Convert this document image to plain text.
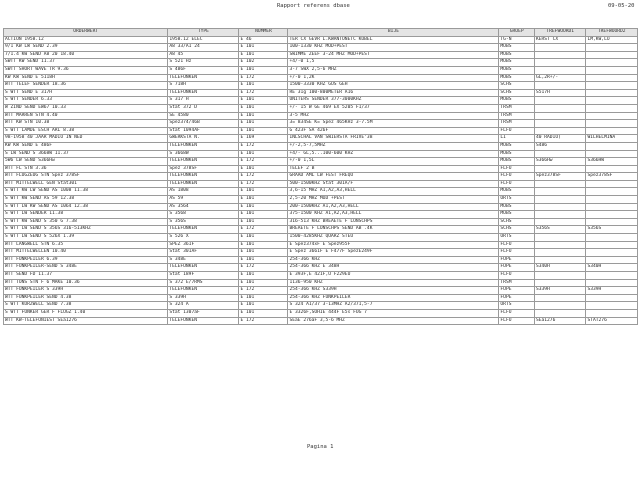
Rapport referens dbase	09-05-20
ORDERWERT	TYPE	NUMMER	BIJE	GROEP	TREFWOORD1	TREFWOORD2
ACTION 1958.12	1958.12 ELEC	E 46	TER CX GEVR L.KWANTONETC KUBEL	TG-N	KERST CX	LM,KW,LO
9/1 KW LW SEND 2.39	A8 33/A1 24	E 101	100-1330 KHZ MOD+PEST	MOBS		
7/1.4 KW SEND A8 20 18.40	A8 45	E 101	SWIMME ZEEF 3-24 MHZ MOD+PEST	MOBS		
SWTT KW SEND 11.37	S 521 Hz	E 102	+4/-0 1,5	MOBS		
SWTT SHORT WAVE TR 9.36	S 486F	E 101	3-7 SWX 2,5-6 MHZ	MOBS		
KW KW SEND E 5118H	TELEFUNKEN	E 172	+/-0 1,2K	MOBS	GL,2R+/-	
WTT TELEF SENDER 18.36	S 718H	E 101	1500-3330 KHZ GUS GEH	SCHS		
S WTT SEND E 317H	TELEFUNKEN	E 172	RE 31g 100-800METER A16	SCHS	S517H	
S WTT SENDER 6.33	S 317 H	E 101	UNITERS SENDER 377-3000KHZ	MOBS		
W ZIND SEND EW67 10.33	Stat 372 D	E 101	+/- 15 W GE 469 EX 5205 F1/37	TRSM		
WTT MARREN STN 4.40	SE 4580	E 101	3-5 MHZ	TRSM		
WTT KW STN 10.38	Spez374/46B	E 101	3= 834SE K= Spez 465KHz 3-7.5M	TRSM		
S WTT LAMDE ESCH ARL 8.38	Stat 1094AF	E 101	G 423F SA 426F	FLFU		
98-1958 40 JAAR MADIO IN NED	GWERKSTA N.	E 169	INLSCHAL VAN SWIERSTA FRIVE'38	LI	40 RADIO)	WILHELMINA
KW KW SEND E 486F	TELEFUNKEN	E 172	+/-2,5-7,5MHZ	MOBS	S486	
S LW SEND S 3668W 11.37	S 3668W	E 101	+4/- GL,5...100-600 KHZ	MOBS		
5W6 LW SEND S366Hw	TELEFUNKEN	E 172	+/-0 1,5L	MOBS	S366Hw	S366HW
WTT FL STN 3.36	Spez 378SF	E 101	TELEF 2 B	FLFU		
WTT FLUGZEUG STN Spez 378SF	TELEFUNKEN	E 172	GRAAD AML LW FEST FREQU	FLFU	Spez378SF	Spez378SF
WTT MITTELWELL GEN Stat301	TELEFUNKEN	E 172	500-1500KHZ Stat 301A/F	FLFU		
S WTT KW LW SEND AS 1008 11.38	AS 1808	E 101	3,6-15 MHZ A1,A2,A3,HELL	MOBS		
S WTT KW SEND AS 59 12.38	AS 59	E 101	2,5-20 MHZ MOD +PEST	ORTS		
S WTT LW KW SEND AS 1064 12.38	AS 3564	E 101	200-1500KHZ A1,A2,A3,HELL	MOBS		
S WTT LW SENDER 11.38	S 3568	E 101	375-1500 KHZ A1,A2,A3,HELL	MOBS		
S WTT KW SEND S 350 G 7.38	S 356S	E 101	316-513 KHZ BREAETE F LONSCHPS	SCHS		
S WTT LW SEND S 356S 316-513KHZ	TELEFUNKEN	E 172	BREAETE F LONSCHPS SEND AB .4K	SCHS	S356S	S356S
S WTT LW SEND S 526X 1.39	S 526 X	E 101	1500-4285KHZ QUARZ STEU	ORTS		
WTT LANGWELL STN 6.35	SPEZ 361F	E 101	E Spez374xF E Spez955F	FLFU		
WTT MITTELWELLEN 10.40	Stat 301AF	E 101	E Spez 3661F E F477F SpezE249F	FLFU		
WTT FUNKPEILER 6.39	S 348E	E 101	254-366 KHZ	FUPE		
WTT FUNKPEILER-SEND S 348E	TELEFUNKEN	E 172	254-366 KHZ E 348H	FUPE	S340H	S340H
WTT SEND FD 11.37	Stat 189F	E 101	E 393F,E 421F,U F229EU	FLFU		
WTT TONS STN F 6 MAKE 10.36	S 372 E/7RMS	E 101	1136-950 KHZ	TRSM		
WTT FUNKPEILER S 339H	TELEFUNKEN	E 172	254-366 KHZ S339H	FUPE	S339H	S339H
WTT FUNKPEILER SEND 4.38	S 339H	E 101	254-366 KHZ FUNKPEILER	FUPE		
S WTT KURZWELL SEND 7.38	S 324 A	E 101	S 324 A1/37 3-13MHZ A2/371,5-7	ORTS		
S WTT FUNKER GER F FLUGZ 1.40	Stat 1307aF	E 101	E 3326F,SOHIE 444F E5s FUG 7	FLFU		
WTT KW-TELEFONIEST SEa1276	TELEFUNKEN	E 172	SEaE 276aF 3,5-6 MHZ	FLFU	SEa1276	STAT276
Pagina 1
